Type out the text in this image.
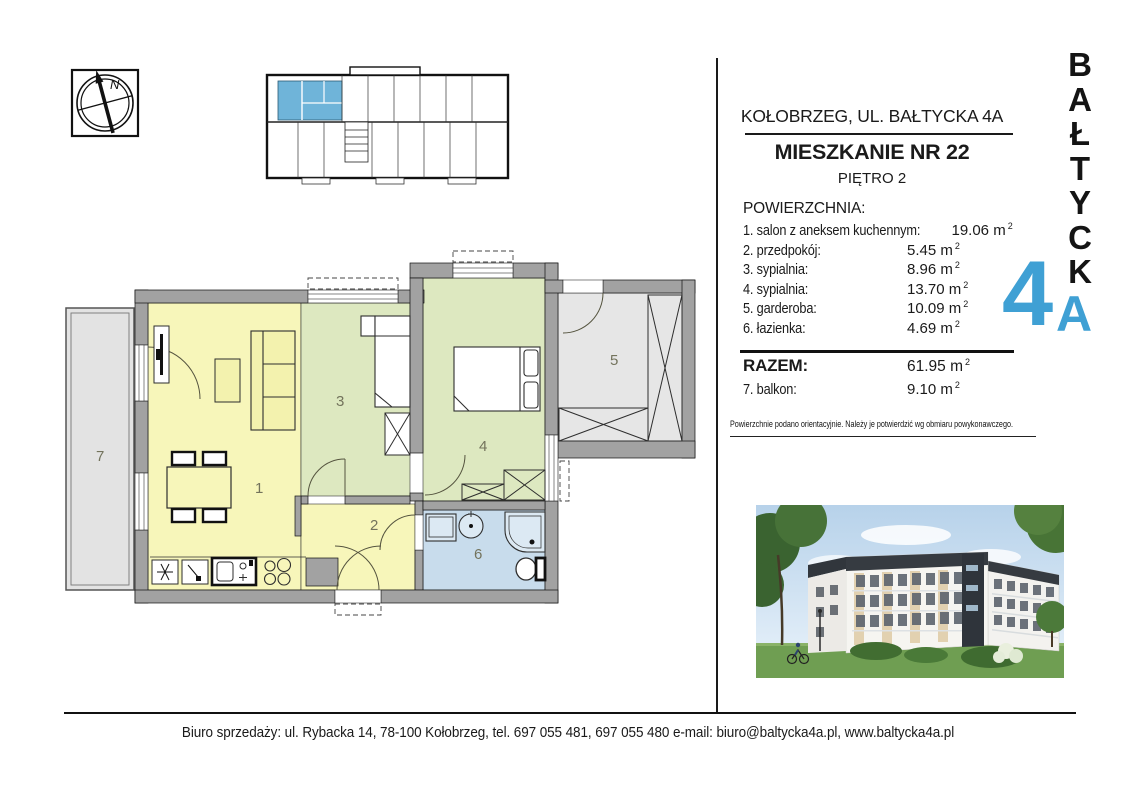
N
1
2
3
4
5
6
7
KOŁOBRZEG, UL. BAŁTYCKA 4A
MIESZKANIE NR 22
PIĘTRO 2
POWIERZCHNIA:
1. salon z aneksem kuchennym: 19.06 m $^2$
2. przedpokój:	5.45 m $^2$
3. sypialnia:	8.96 m $^2$
4. sypialnia:	13.70 m $^2$
5. garderoba:	10.09 m $^2$
6. łazienka:	4.69 m $^2$
RAZEM:	61.95 m $^2$
7. balkon:	9.10 m $^2$
Powierzchnie podano orientacyjnie. Należy je potwierdzić wg obmiaru powykonawczego.
B
A
Ł
T
Y
C
K
4 A
Biuro sprzedaży: ul. Rybacka 14, 78-100 Kołobrzeg, tel. 697 055 481, 697 055 480 e-mail: biuro@baltycka4a.pl, www.baltycka4a.pl
